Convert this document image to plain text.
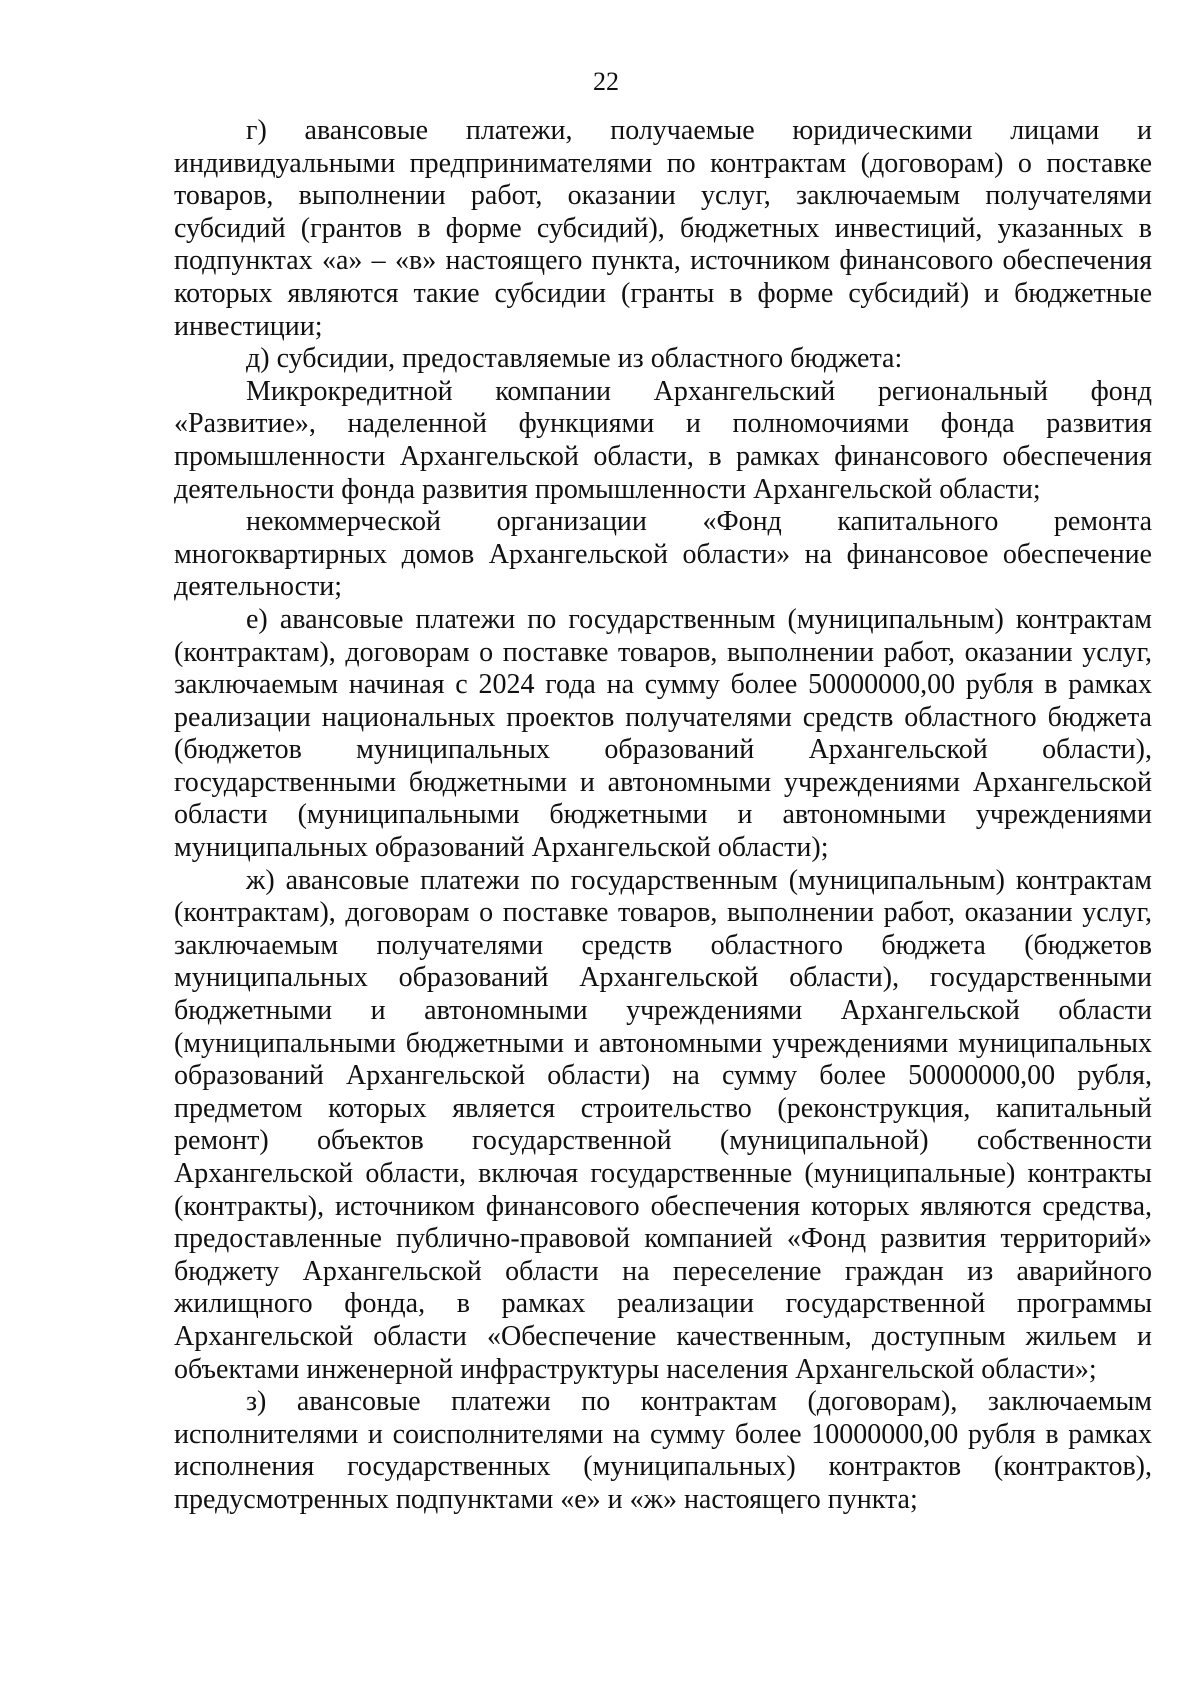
22

г) авансовые платежи, получаемые юридическими лицами и индивидуальными предпринимателями по контрактам (договорам) о поставке товаров, выполнении работ, оказании услуг, заключаемым получателями субсидий (грантов в форме субсидий), бюджетных инвестиций, указанных в подпунктах «а» – «в» настоящего пункта, источником финансового обеспечения которых являются такие субсидии (гранты в форме субсидий) и бюджетные инвестиции;

д) субсидии, предоставляемые из областного бюджета:

Микрокредитной компании Архангельский региональный фонд «Развитие», наделенной функциями и полномочиями фонда развития промышленности Архангельской области, в рамках финансового обеспечения деятельности фонда развития промышленности Архангельской области;

некоммерческой организации «Фонд капитального ремонта многоквартирных домов Архангельской области» на финансовое обеспечение деятельности;

е) авансовые платежи по государственным (муниципальным) контрактам (контрактам), договорам о поставке товаров, выполнении работ, оказании услуг, заключаемым начиная с 2024 года на сумму более 50000000,00 рубля в рамках реализации национальных проектов получателями средств областного бюджета (бюджетов муниципальных образований Архангельской области), государственными бюджетными и автономными учреждениями Архангельской области (муниципальными бюджетными и автономными учреждениями муниципальных образований Архангельской области);

ж) авансовые платежи по государственным (муниципальным) контрактам (контрактам), договорам о поставке товаров, выполнении работ, оказании услуг, заключаемым получателями средств областного бюджета (бюджетов муниципальных образований Архангельской области), государственными бюджетными и автономными учреждениями Архангельской области (муниципальными бюджетными и автономными учреждениями муниципальных образований Архангельской области) на сумму более 50000000,00 рубля, предметом которых является строительство (реконструкция, капитальный ремонт) объектов государственной (муниципальной) собственности Архангельской области, включая государственные (муниципальные) контракты (контракты), источником финансового обеспечения которых являются средства, предоставленные публично-правовой компанией «Фонд развития территорий» бюджету Архангельской области на переселение граждан из аварийного жилищного фонда, в рамках реализации государственной программы Архангельской области «Обеспечение качественным, доступным жильем и объектами инженерной инфраструктуры населения Архангельской области»;

з) авансовые платежи по контрактам (договорам), заключаемым исполнителями и соисполнителями на сумму более 10000000,00 рубля в рамках исполнения государственных (муниципальных) контрактов (контрактов), предусмотренных подпунктами «е» и «ж» настоящего пункта;
